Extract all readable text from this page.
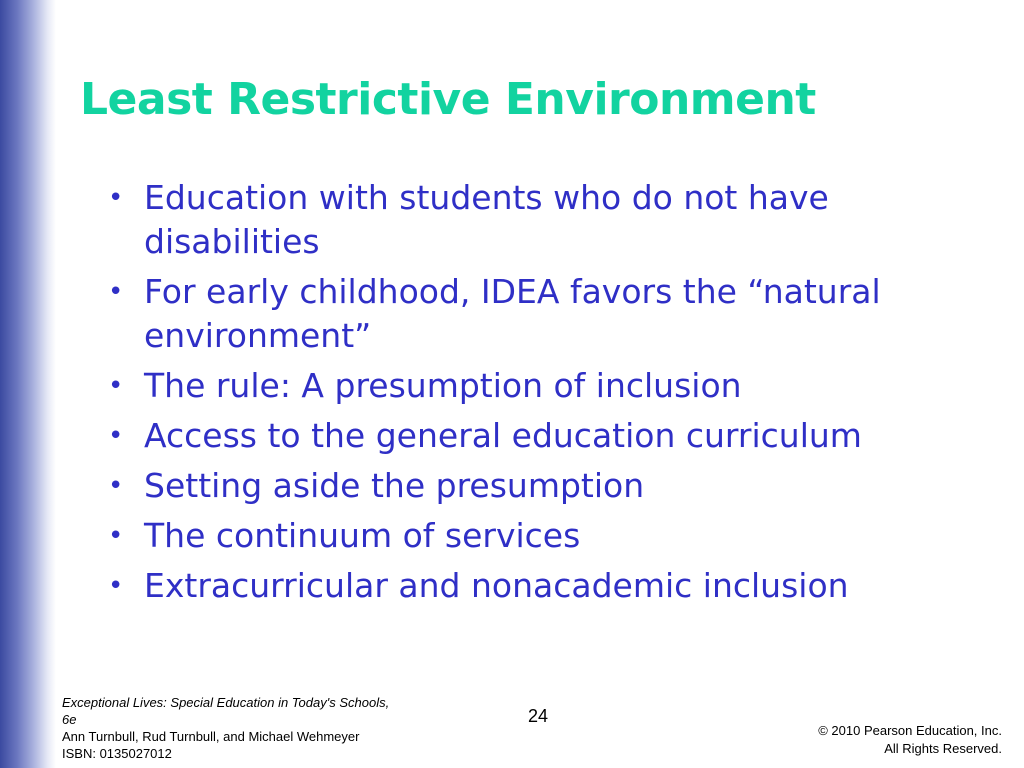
Least Restrictive Environment
• Education with students who do not have disabilities
• For early childhood, IDEA favors the “natural environment”
• The rule: A presumption of inclusion
• Access to the general education curriculum
• Setting aside the presumption
• The continuum of services
• Extracurricular and nonacademic inclusion
Exceptional Lives: Special Education in Today's Schools, 6e
Ann Turnbull, Rud Turnbull, and Michael Wehmeyer
ISBN: 0135027012
24
© 2010 Pearson Education, Inc.
All Rights Reserved.
